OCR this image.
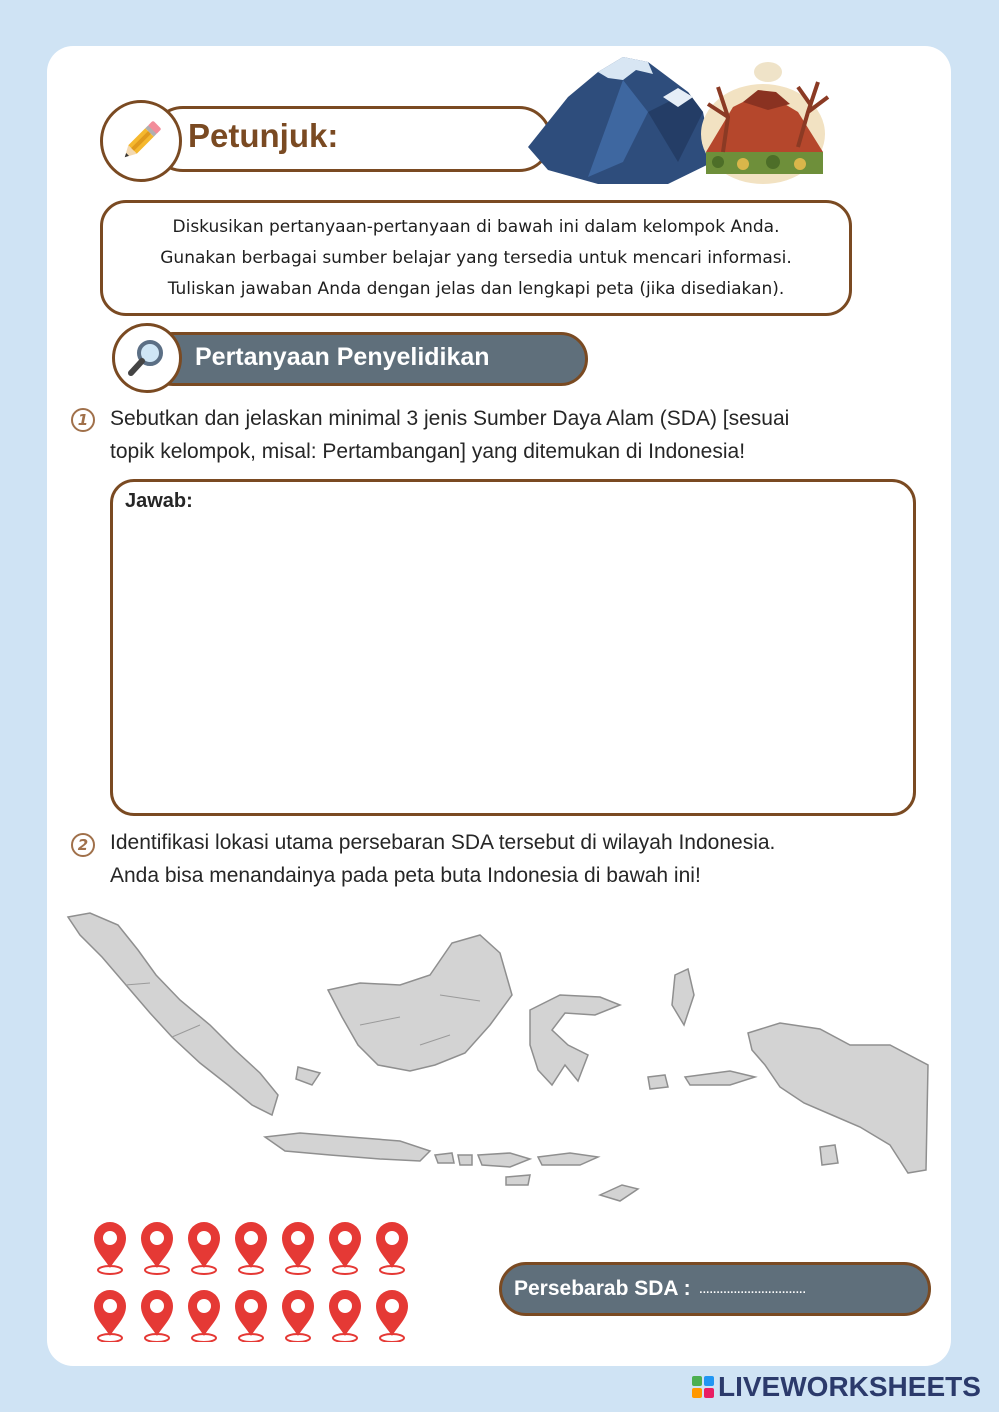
Petunjuk:
Diskusikan pertanyaan-pertanyaan di bawah ini dalam kelompok Anda.
Gunakan berbagai sumber belajar yang tersedia untuk mencari informasi.
Tuliskan jawaban Anda dengan jelas dan lengkapi peta (jika disediakan).
Pertanyaan Penyelidikan
1	Sebutkan dan jelaskan minimal 3 jenis Sumber Daya Alam (SDA) [sesuai
topik kelompok, misal: Pertambangan] yang ditemukan di Indonesia!
Jawab:
2	Identifikasi lokasi utama persebaran SDA tersebut di wilayah Indonesia.
Anda bisa menandainya pada peta buta Indonesia di bawah ini!
Persebarab SDA : ...............................
LIVEWORKSHEETS
